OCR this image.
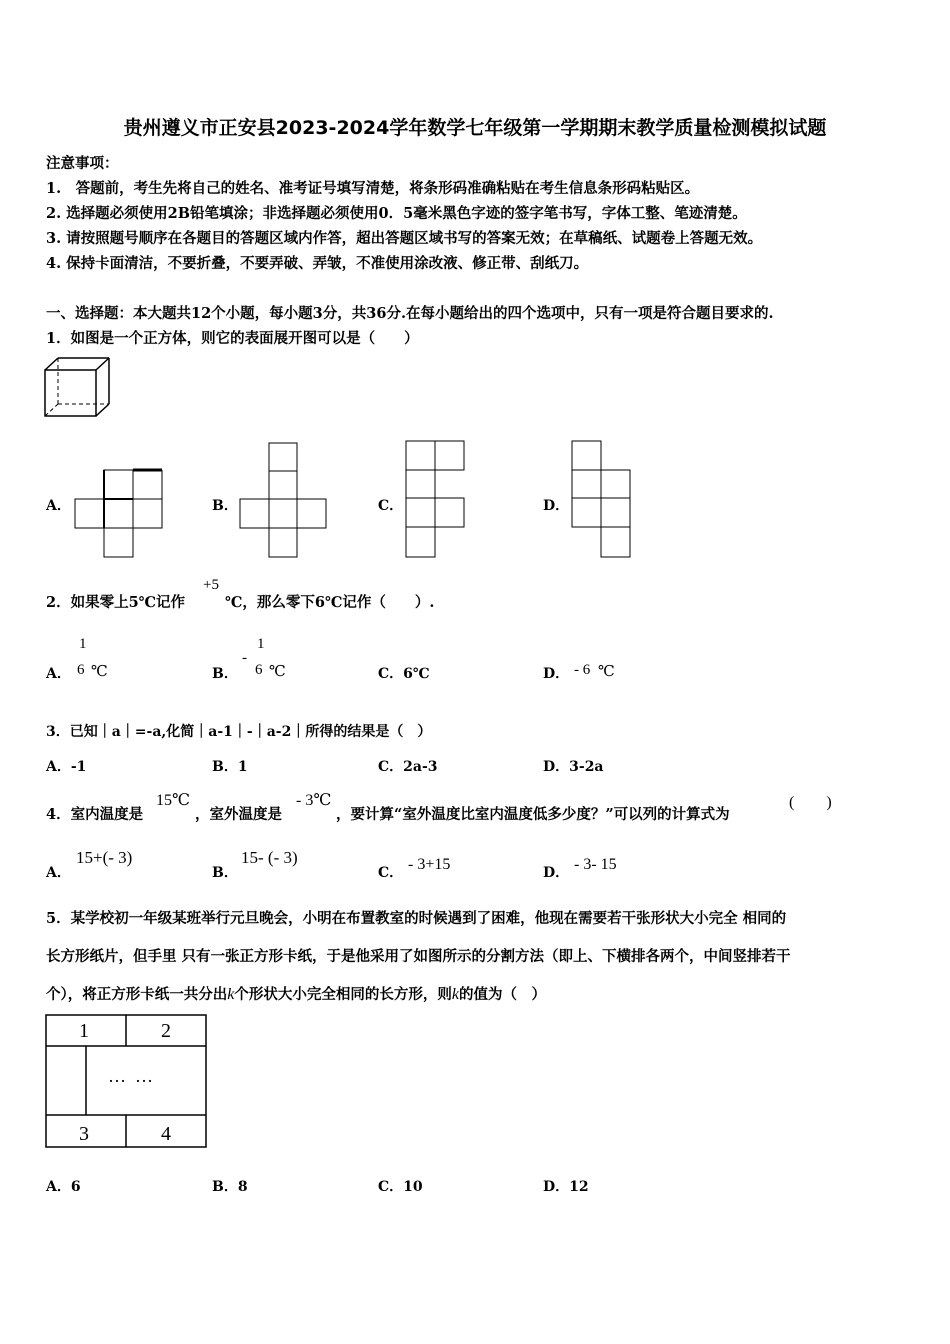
贵州遵义市正安县2023-2024学年数学七年级第一学期期末教学质量检测模拟试题
注意事项：
1.　答题前，考生先将自己的姓名、准考证号填写清楚，将条形码准确粘贴在考生信息条形码粘贴区。
2. 选择题必须使用2B铅笔填涂；非选择题必须使用0．5毫米黑色字迹的签字笔书写，字体工整、笔迹清楚。
3. 请按照题号顺序在各题目的答题区域内作答，超出答题区域书写的答案无效；在草稿纸、试题卷上答题无效。
4. 保持卡面清洁，不要折叠，不要弄破、弄皱，不准使用涂改液、修正带、刮纸刀。
一、选择题：本大题共12个小题，每小题3分，共36分.在每小题给出的四个选项中，只有一项是符合题目要求的.
1．如图是一个正方体，则它的表面展开图可以是（　　）
A．	B．	C．	D．
2．如果零上5℃记作
+5
℃，那么零下6℃记作（　　）.
A．
1
6 ℃	B．
-
1
6 ℃	C．6℃	D． - 6 ℃
3．已知｜a｜=-a,化简｜a-1｜-｜a-2｜所得的结果是（　）
A．-1	B．1	C．2a-3	D．3-2a
4．室内温度是
15℃
，室外温度是
- 3℃
，要计算“室外温度比室内温度低多少度？”可以列的计算式为
(　　)
A．
15+(- 3)
B．
15- (- 3)
C． - 3+15	D． - 3- 15
5．某学校初一年级某班举行元旦晚会，小明在布置教室的时候遇到了困难，他现在需要若干张形状大小完全 相同的
长方形纸片，但手里 只有一张正方形卡纸，于是他采用了如图所示的分割方法（即上、下横排各两个，中间竖排若干
个），将正方形卡纸一共分出k个形状大小完全相同的长方形，则k的值为（　）
1	2
…  …
3	4
A．6	B．8	C．10	D．12
